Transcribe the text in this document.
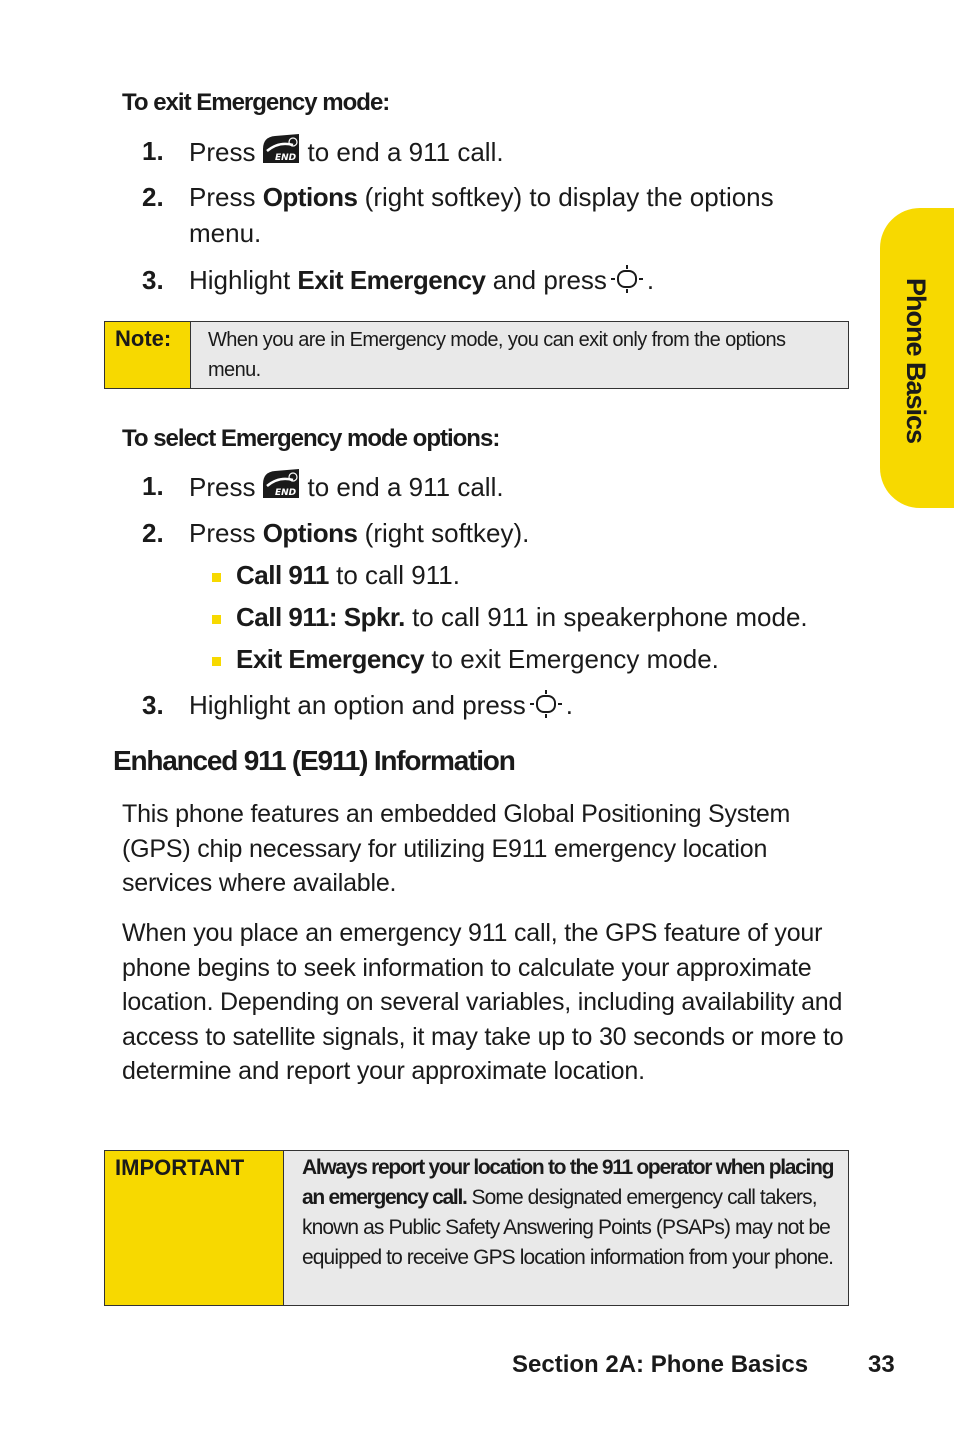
Phone Basics
To exit Emergency mode:
1. Press END to end a 911 call.
2. Press Options (right softkey) to display the options
menu.
3. Highlight Exit Emergency and press .
Note:	When you are in Emergency mode, you can exit only from the options menu.
To select Emergency mode options:
1. Press END to end a 911 call.
2. Press Options (right softkey).
Call 911 to call 911.
Call 911: Spkr. to call 911 in speakerphone mode.
Exit Emergency to exit Emergency mode.
3. Highlight an option and press .
Enhanced 911 (E911) Information
This phone features an embedded Global Positioning System (GPS) chip necessary for utilizing E911 emergency location services where available.
When you place an emergency 911 call, the GPS feature of your phone begins to seek information to calculate your approximate location. Depending on several variables, including availability and access to satellite signals, it may take up to 30 seconds or more to determine and report your approximate location.
IMPORTANT	Always report your location to the 911 operator when placing an emergency call. Some designated emergency call takers, known as Public Safety Answering Points (PSAPs) may not be equipped to receive GPS location information from your phone.
Section 2A: Phone Basics 33
